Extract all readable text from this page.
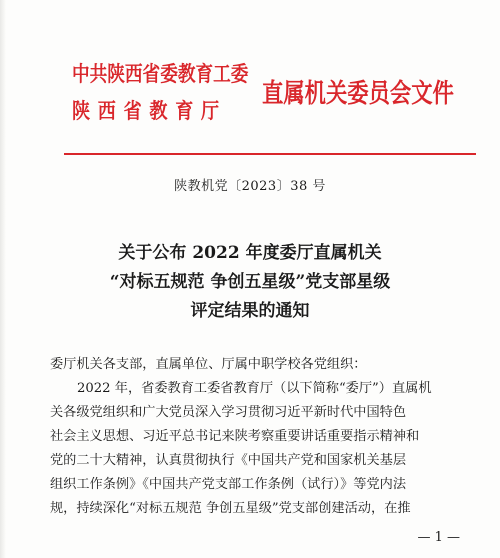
中共陕西省委教育工委
陕西省教育厅
直属机关委员会文件
陕教机党〔2023〕38 号
关于公布 2022 年度委厅直属机关
“对标五规范 争创五星级”党支部星级
评定结果的通知

委厅机关各支部，直属单位、厅属中职学校各党组织：

2022 年，省委教育工委省教育厅（以下简称“委厅”）直属机

关各级党组织和广大党员深入学习贯彻习近平新时代中国特色

社会主义思想、习近平总书记来陕考察重要讲话重要指示精神和

党的二十大精神，认真贯彻执行《中国共产党和国家机关基层

组织工作条例》《中国共产党支部工作条例（试行）》等党内法

规，持续深化“对标五规范 争创五星级”党支部创建活动，在推

— 1 —
